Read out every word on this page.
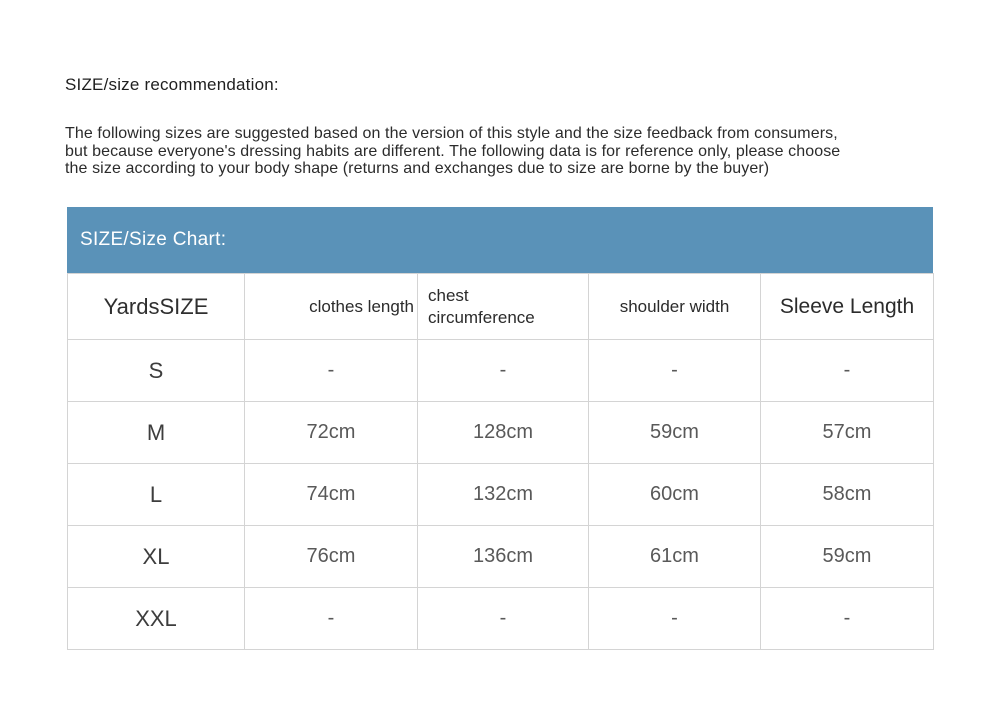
SIZE/size recommendation:
The following sizes are suggested based on the version of this style and the size feedback from consumers,
but because everyone's dressing habits are different. The following data is for reference only, please choose
the size according to your body shape (returns and exchanges due to size are borne by the buyer)
SIZE/Size Chart:
YardsSIZE	clothes length	chest circumference	shoulder width	Sleeve Length
S	-	-	-	-
M	72cm	128cm	59cm	57cm
L	74cm	132cm	60cm	58cm
XL	76cm	136cm	61cm	59cm
XXL	-	-	-	-
